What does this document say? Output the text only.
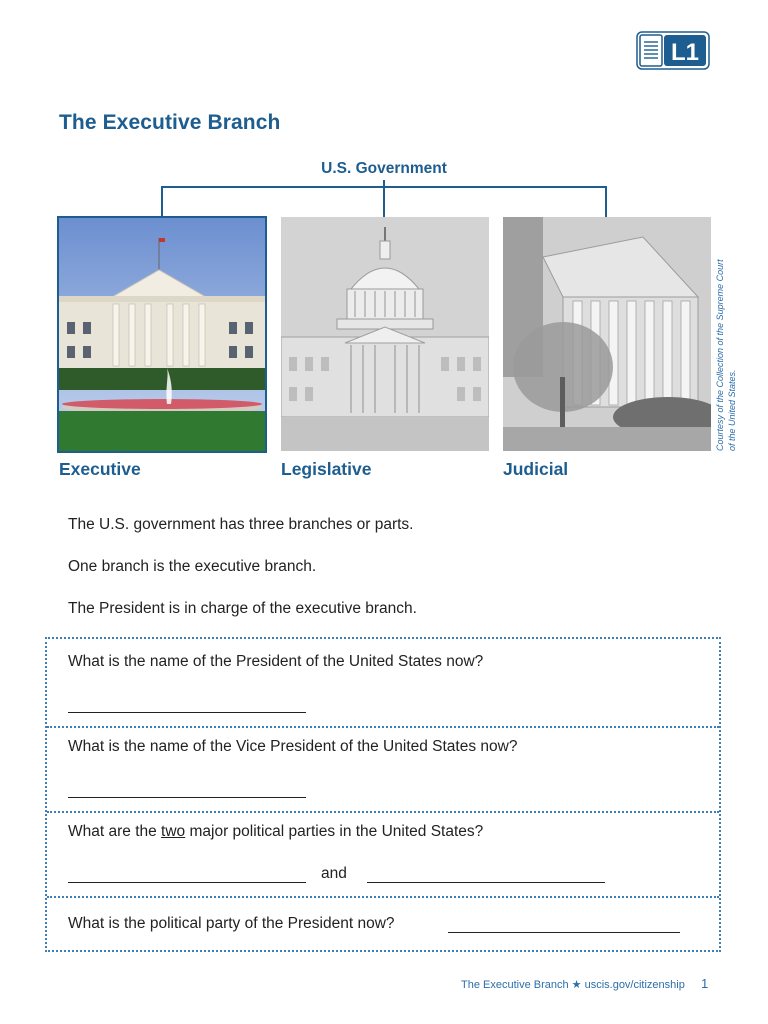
L1
The Executive Branch
U.S. Government
Courtesy of the Collection of the Supreme Court of the United States.
Executive	Legislative	Judicial
The U.S. government has three branches or parts.
One branch is the executive branch.
The President is in charge of the executive branch.
What is the name of the President of the United States now?
What is the name of the Vice President of the United States now?
What are the two major political parties in the United States?
and
What is the political party of the President now?
The Executive Branch ★ uscis.gov/citizenship 1
